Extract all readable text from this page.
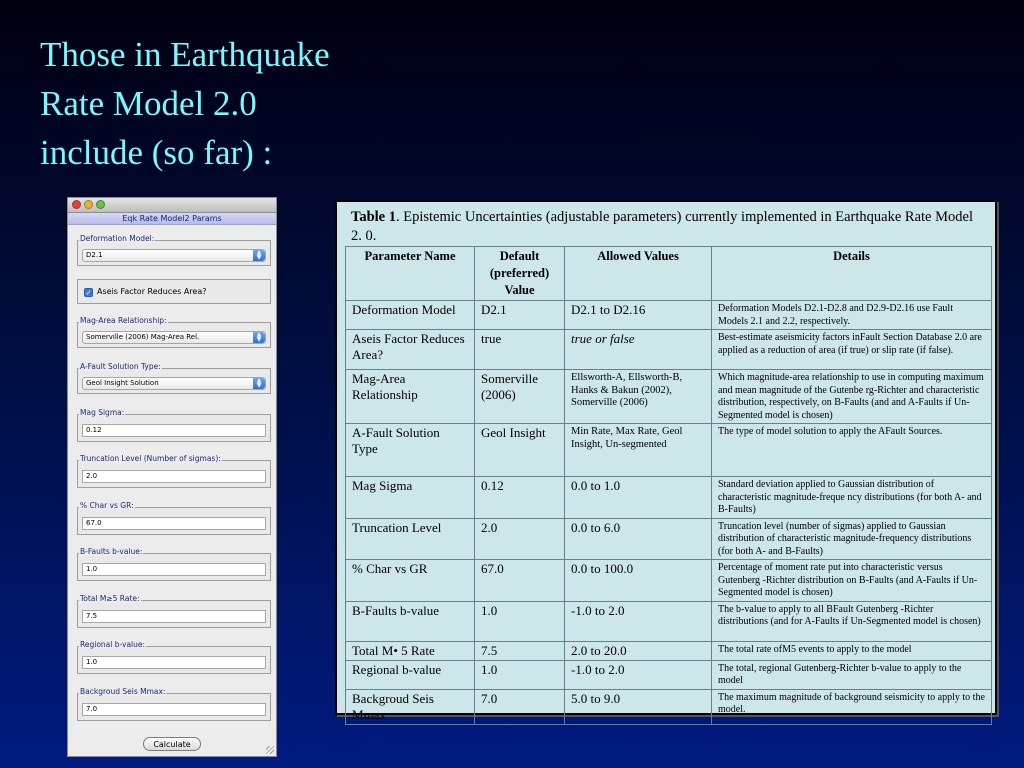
Those in Earthquake
Rate Model 2.0
include (so far) :
Eqk Rate Model2 Params
Deformation Model:
D2.1	▲
▼
✓ Aseis Factor Reduces Area?
Mag-Area Relationship:
Somerville (2006) Mag-Area Rel.	▲
▼
A-Fault Solution Type:
Geol Insight Solution	▲
▼
Mag Sigma:
0.12
Truncation Level (Number of sigmas):
2.0
% Char vs GR:
67.0
B-Faults b-value:
1.0
Total M≥5 Rate:
7.5
Regional b-value:
1.0
Backgroud Seis Mmax:
7.0
Calculate
Table 1. Epistemic Uncertainties (adjustable parameters) currently implemented in Earthquake Rate Model 2. 0.
Parameter Name	Default (preferred) Value	Allowed Values	Details
Deformation Model	D2.1	D2.1 to D2.16	Deformation Models D2.1-D2.8 and D2.9-D2.16 use Fault Models 2.1 and 2.2, respectively.
Aseis Factor Reduces Area?	true	true or false	Best-estimate aseismicity factors inFault Section Database 2.0 are applied as a reduction of area (if true) or slip rate (if false).
Mag-Area Relationship	Somerville (2006)	Ellsworth-A, Ellsworth-B, Hanks & Bakun (2002), Somerville (2006)	Which magnitude-area relationship to use in computing maximum and mean magnitude of the Gutenbe rg-Richter and characteristic distribution, respectively, on B-Faults (and and A-Faults if Un-Segmented model is chosen)
A-Fault Solution Type	Geol Insight	Min Rate, Max Rate, Geol Insight, Un-segmented	The type of model solution to apply the AFault Sources.
Mag Sigma	0.12	0.0 to 1.0	Standard deviation applied to Gaussian distribution of characteristic magnitude-freque ncy distributions (for both A- and B-Faults)
Truncation Level	2.0	0.0 to 6.0	Truncation level (number of sigmas) applied to Gaussian distribution of characteristic magnitude-frequency distributions (for both A- and B-Faults)
% Char vs GR	67.0	0.0 to 100.0	Percentage of moment rate put into characteristic versus Gutenberg -Richter distribution on B-Faults (and A-Faults if Un-Segmented model is chosen)
B-Faults b-value	1.0	-1.0 to 2.0	The b-value to apply to all BFault Gutenberg -Richter distributions (and for A-Faults if Un-Segmented model is chosen)
Total M• 5 Rate	7.5	2.0 to 20.0	The total rate ofM5 events to apply to the model
Regional b-value	1.0	-1.0 to 2.0	The total, regional Gutenberg-Richter b-value to apply to the model
Backgroud Seis Mmax	7.0	5.0 to 9.0	The maximum magnitude of background seismicity to apply to the model.
